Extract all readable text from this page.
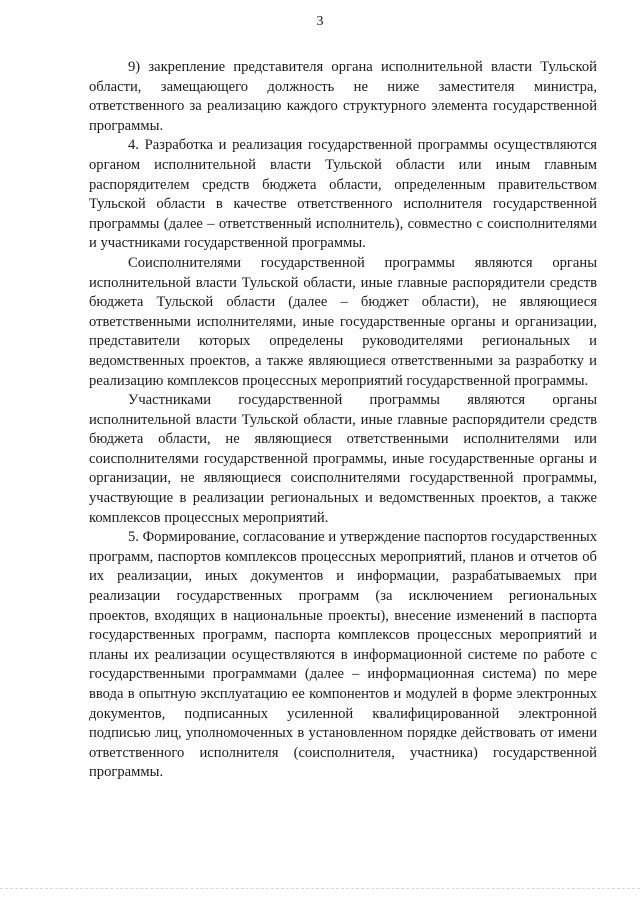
3

9) закрепление представителя органа исполнительной власти Тульской области, замещающего должность не ниже заместителя министра, ответственного за реализацию каждого структурного элемента государственной программы.

4. Разработка и реализация государственной программы осуществляются органом исполнительной власти Тульской области или иным главным распорядителем средств бюджета области, определенным правительством Тульской области в качестве ответственного исполнителя государственной программы (далее – ответственный исполнитель), совместно с соисполнителями и участниками государственной программы.

Соисполнителями государственной программы являются органы исполнительной власти Тульской области, иные главные распорядители средств бюджета Тульской области (далее – бюджет области), не являющиеся ответственными исполнителями, иные государственные органы и организации, представители которых определены руководителями региональных и ведомственных проектов, а также являющиеся ответственными за разработку и реализацию комплексов процессных мероприятий государственной программы.

Участниками государственной программы являются органы исполнительной власти Тульской области, иные главные распорядители средств бюджета области, не являющиеся ответственными исполнителями или соисполнителями государственной программы, иные государственные органы и организации, не являющиеся соисполнителями государственной программы, участвующие в реализации региональных и ведомственных проектов, а также комплексов процессных мероприятий.

5. Формирование, согласование и утверждение паспортов государственных программ, паспортов комплексов процессных мероприятий, планов и отчетов об их реализации, иных документов и информации, разрабатываемых при реализации государственных программ (за исключением региональных проектов, входящих в национальные проекты), внесение изменений в паспорта государственных программ, паспорта комплексов процессных мероприятий и планы их реализации осуществляются в информационной системе по работе с государственными программами (далее – информационная система) по мере ввода в опытную эксплуатацию ее компонентов и модулей в форме электронных документов, подписанных усиленной квалифицированной электронной подписью лиц, уполномоченных в установленном порядке действовать от имени ответственного исполнителя (соисполнителя, участника) государственной программы.
